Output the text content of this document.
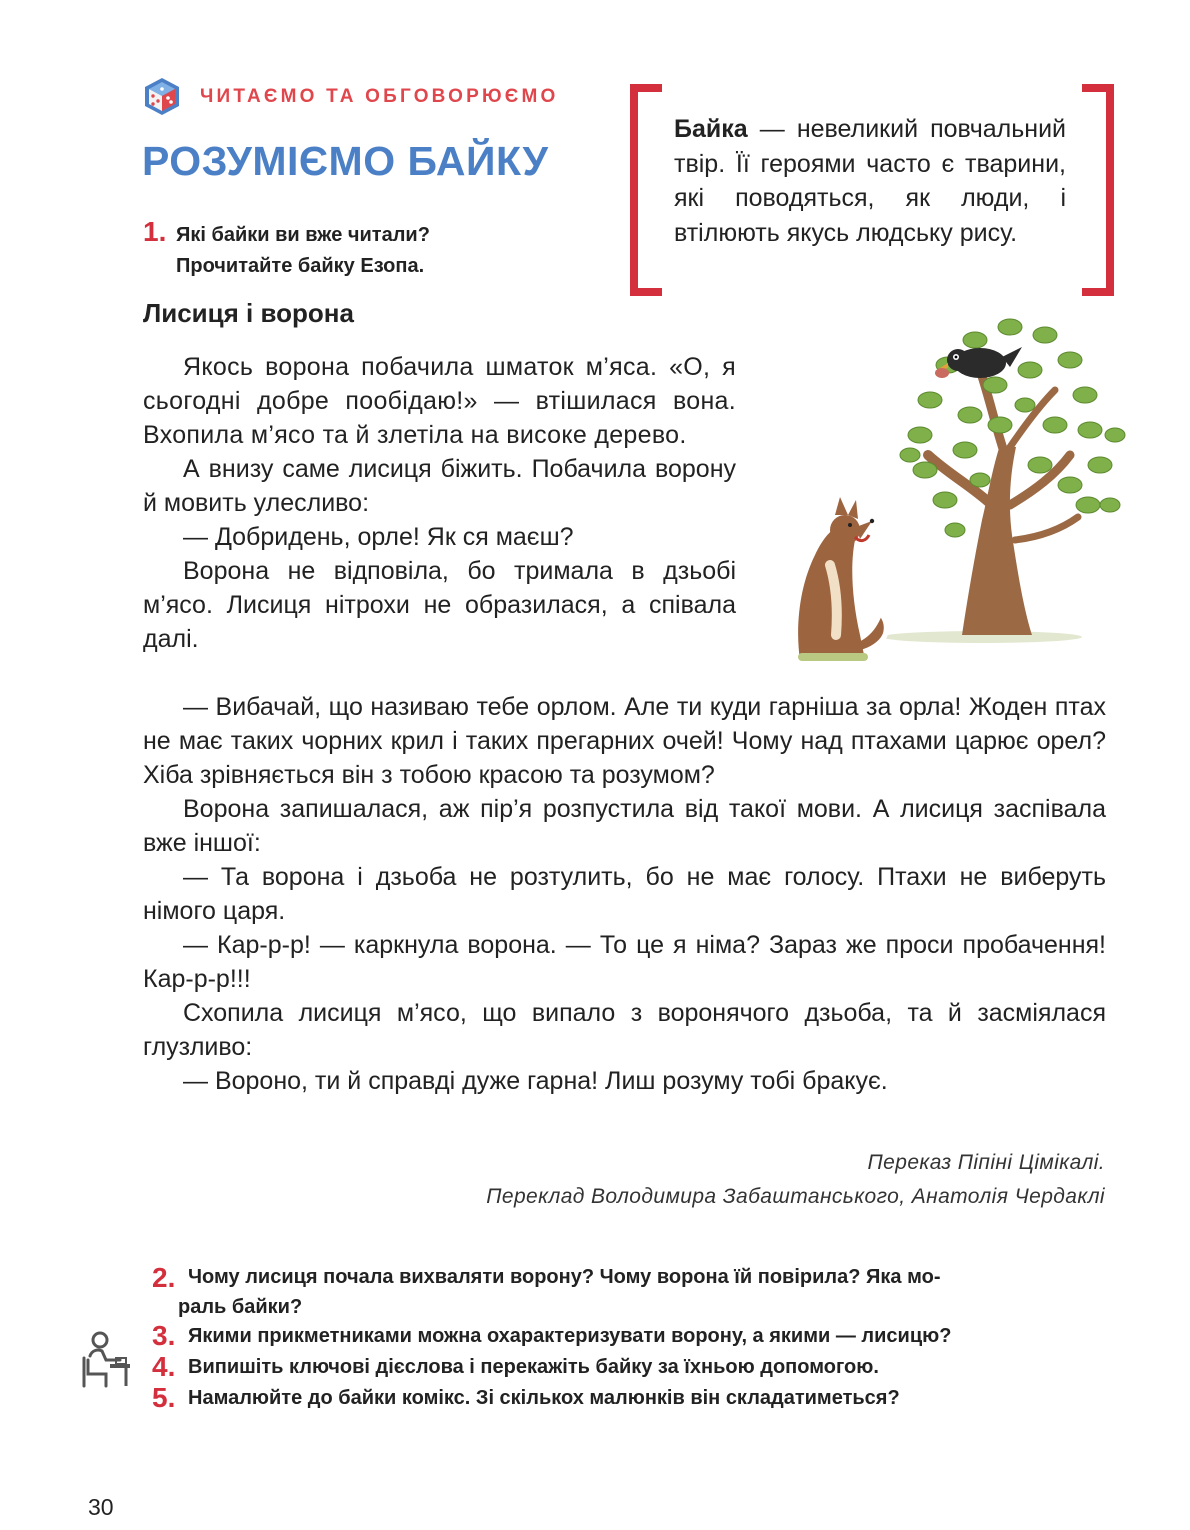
ЧИТАЄМО ТА ОБГОВОРЮЄМО
РОЗУМІЄМО БАЙКУ
1. Які байки ви вже читали?
Прочитайте байку Езопа.
Байка — невеликий повчальний твір. Її героями часто є тварини, які поводяться, як люди, і втілюють якусь людську рису.
Лисиця і ворона

Якось ворона побачила шматок м’яса. «О, я сьогодні добре пообідаю!» — втішилася вона. Вхопила м’ясо та й злетіла на високе дерево.

А внизу саме лисиця біжить. Побачила ворону й мовить улесливо:

— Добридень, орле! Як ся маєш?

Ворона не відповіла, бо тримала в дзьобі м’ясо. Лисиця нітрохи не образилася, а співала далі.

— Вибачай, що називаю тебе орлом. Але ти куди гарніша за орла! Жоден птах не має таких чорних крил і таких прегарних очей! Чому над птахами царює орел? Хіба зрівняється він з тобою красою та розумом?

Ворона запишалася, аж пір’я розпустила від такої мови. А лисиця заспівала вже іншої:

— Та ворона і дзьоба не розтулить, бо не має голосу. Птахи не виберуть німого царя.

— Кар-р-р! — каркнула ворона. — То це я німа? Зараз же проси пробачення! Кар-р-р!!!

Схопила лисиця м’ясо, що випало з воронячого дзьоба, та й засміялася глузливо:

— Вороно, ти й справді дуже гарна! Лиш розуму тобі бракує.

Переказ Піпіні Цімікалі.
Переклад Володимира Забаштанського, Анатолія Чердаклі
2. Чому лисиця почала вихваляти ворону? Чому ворона їй повірила? Яка мо-
раль байки?
3. Якими прикметниками можна охарактеризувати ворону, а якими — лисицю?
4. Випишіть ключові дієслова і перекажіть байку за їхньою допомогою.
5. Намалюйте до байки комікс. Зі скількох малюнків він складатиметься?
30
